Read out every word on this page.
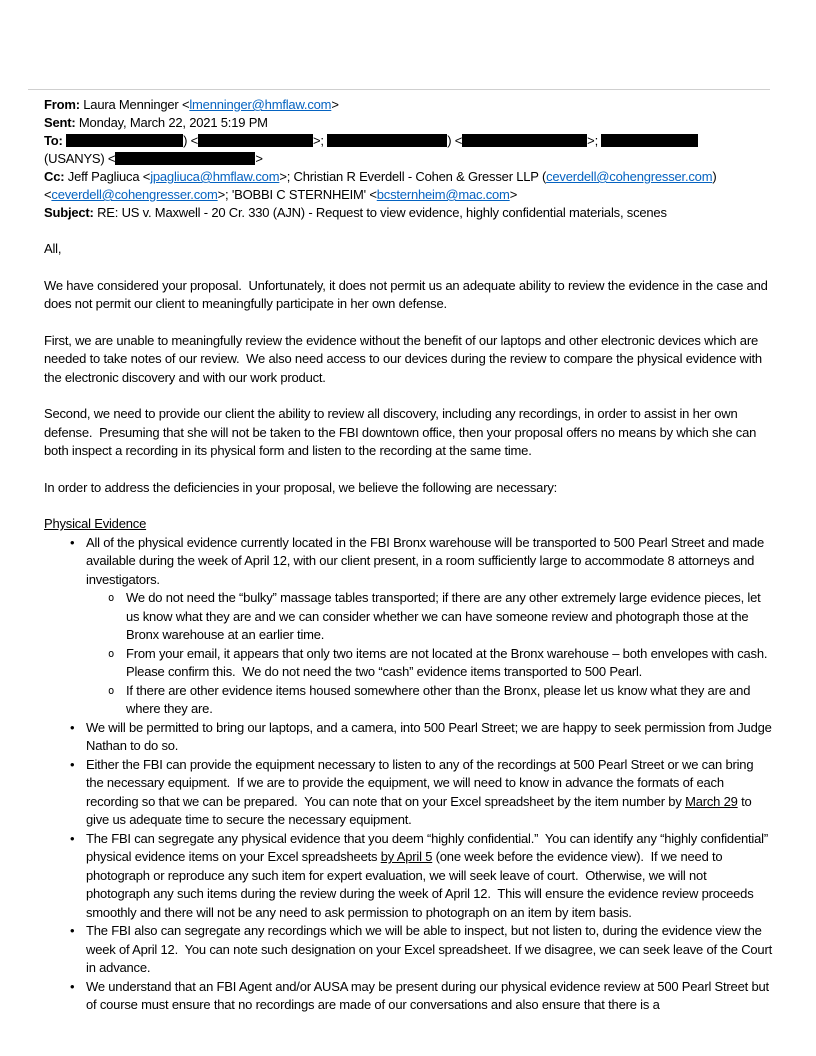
From: Laura Menninger <lmenninger@hmflaw.com>
Sent: Monday, March 22, 2021 5:19 PM
To:	) <	>;	) <	>;
(USANYS) <	>
Cc: Jeff Pagliuca <jpagliuca@hmflaw.com>; Christian R Everdell - Cohen & Gresser LLP (ceverdell@cohengresser.com)
<ceverdell@cohengresser.com>; 'BOBBI C STERNHEIM' <bcsternheim@mac.com>
Subject: RE: US v. Maxwell - 20 Cr. 330 (AJN) - Request to view evidence, highly confidential materials, scenes
All,

We have considered your proposal.  Unfortunately, it does not permit us an adequate ability to review the evidence in the case and does not permit our client to meaningfully participate in her own defense.

First, we are unable to meaningfully review the evidence without the benefit of our laptops and other electronic devices which are needed to take notes of our review.  We also need access to our devices during the review to compare the physical evidence with the electronic discovery and with our work product.

Second, we need to provide our client the ability to review all discovery, including any recordings, in order to assist in her own defense.  Presuming that she will not be taken to the FBI downtown office, then your proposal offers no means by which she can both inspect a recording in its physical form and listen to the recording at the same time.

In order to address the deficiencies in your proposal, we believe the following are necessary:

Physical Evidence
• All of the physical evidence currently located in the FBI Bronx warehouse will be transported to 500 Pearl Street and made available during the week of April 12, with our client present, in a room sufficiently large to accommodate 8 attorneys and investigators.
o We do not need the “bulky” massage tables transported; if there are any other extremely large evidence pieces, let us know what they are and we can consider whether we can have someone review and photograph those at the Bronx warehouse at an earlier time.
o From your email, it appears that only two items are not located at the Bronx warehouse – both envelopes with cash. Please confirm this.  We do not need the two “cash” evidence items transported to 500 Pearl.
o If there are other evidence items housed somewhere other than the Bronx, please let us know what they are and where they are.
• We will be permitted to bring our laptops, and a camera, into 500 Pearl Street; we are happy to seek permission from Judge Nathan to do so.
• Either the FBI can provide the equipment necessary to listen to any of the recordings at 500 Pearl Street or we can bring the necessary equipment.  If we are to provide the equipment, we will need to know in advance the formats of each recording so that we can be prepared.  You can note that on your Excel spreadsheet by the item number by March 29 to give us adequate time to secure the necessary equipment.
• The FBI can segregate any physical evidence that you deem “highly confidential.”  You can identify any “highly confidential” physical evidence items on your Excel spreadsheets by April 5 (one week before the evidence view).  If we need to photograph or reproduce any such item for expert evaluation, we will seek leave of court.  Otherwise, we will not photograph any such items during the review during the week of April 12.  This will ensure the evidence review proceeds smoothly and there will not be any need to ask permission to photograph on an item by item basis.
• The FBI also can segregate any recordings which we will be able to inspect, but not listen to, during the evidence view the week of April 12.  You can note such designation on your Excel spreadsheet. If we disagree, we can seek leave of the Court in advance.
• We understand that an FBI Agent and/or AUSA may be present during our physical evidence review at 500 Pearl Street but of course must ensure that no recordings are made of our conversations and also ensure that there is a
